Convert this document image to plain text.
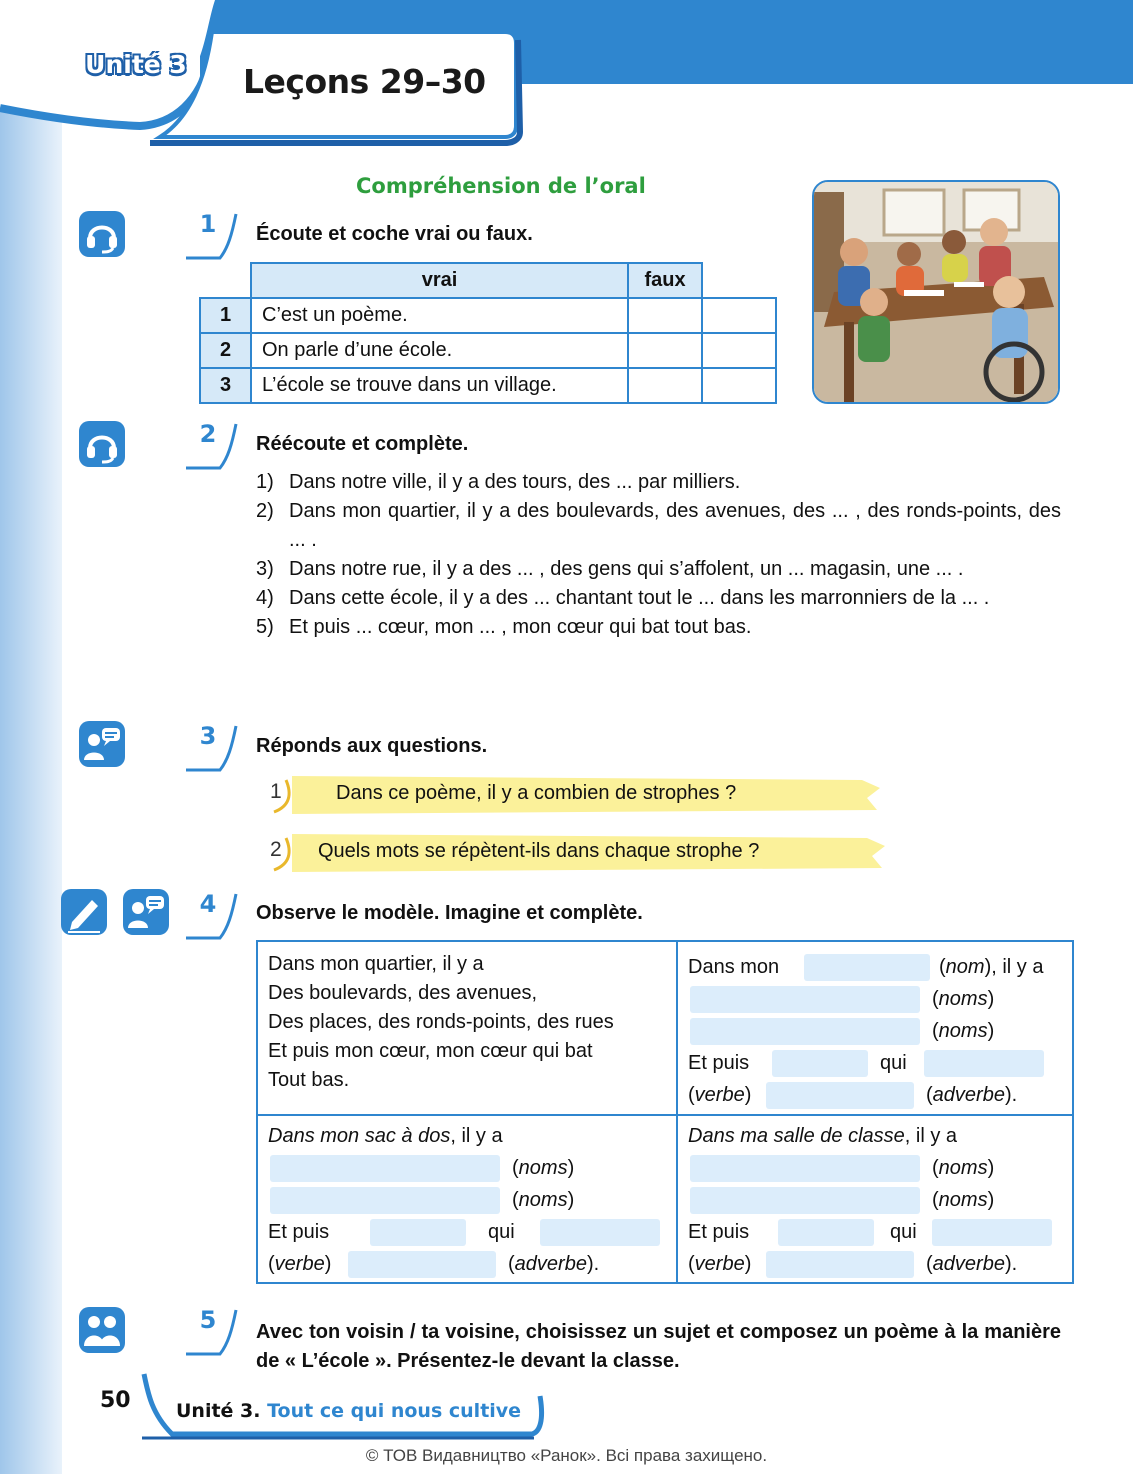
Unité 3 Leçons 29–30
Compréhension de l’oral
1	Écoute et coche vrai ou faux.
vrai	faux	
1	C’est un poème.		
2	On parle d’une école.		
3	L’école se trouve dans un village.		
2	Réécoute et complète.
1) Dans notre ville, il y a des tours, des ... par milliers.
2) Dans mon quartier, il y a des boulevards, des avenues, des ... , des ronds-points, des ... .
3) Dans notre rue, il y a des ... , des gens qui s’affolent, un ... magasin, une ... .
4) Dans cette école, il y a des ... chantant tout le ... dans les marronniers de la ... .
5) Et puis ... cœur, mon ... , mon cœur qui bat tout bas.
3	Réponds aux questions.
1	Dans ce poème, il y a combien de strophes ?
2 Quels mots se répètent-ils dans chaque strophe ?
4	Observe le modèle. Imagine et complète.
Dans mon quartier, il y a
Des boulevards, des avenues,
Des places, des ronds-points, des rues
Et puis mon cœur, mon cœur qui bat
Tout bas.
Dans mon	(nom), il y a
(noms)
(noms)
Et puis	qui
(verbe)	(adverbe).
Dans mon sac à dos, il y a
(noms)
(noms)
Et puis	qui
(verbe)	(adverbe).
Dans ma salle de classe, il y a
(noms)
(noms)
Et puis	qui
(verbe)	(adverbe).
5	Avec ton voisin / ta voisine, choisissez un sujet et composez un poème à la manière de « L’école ». Présentez-le devant la classe.
50 Unité 3. Tout ce qui nous cultive
© ТОВ Видавництво «Ранок». Всі права захищено.
